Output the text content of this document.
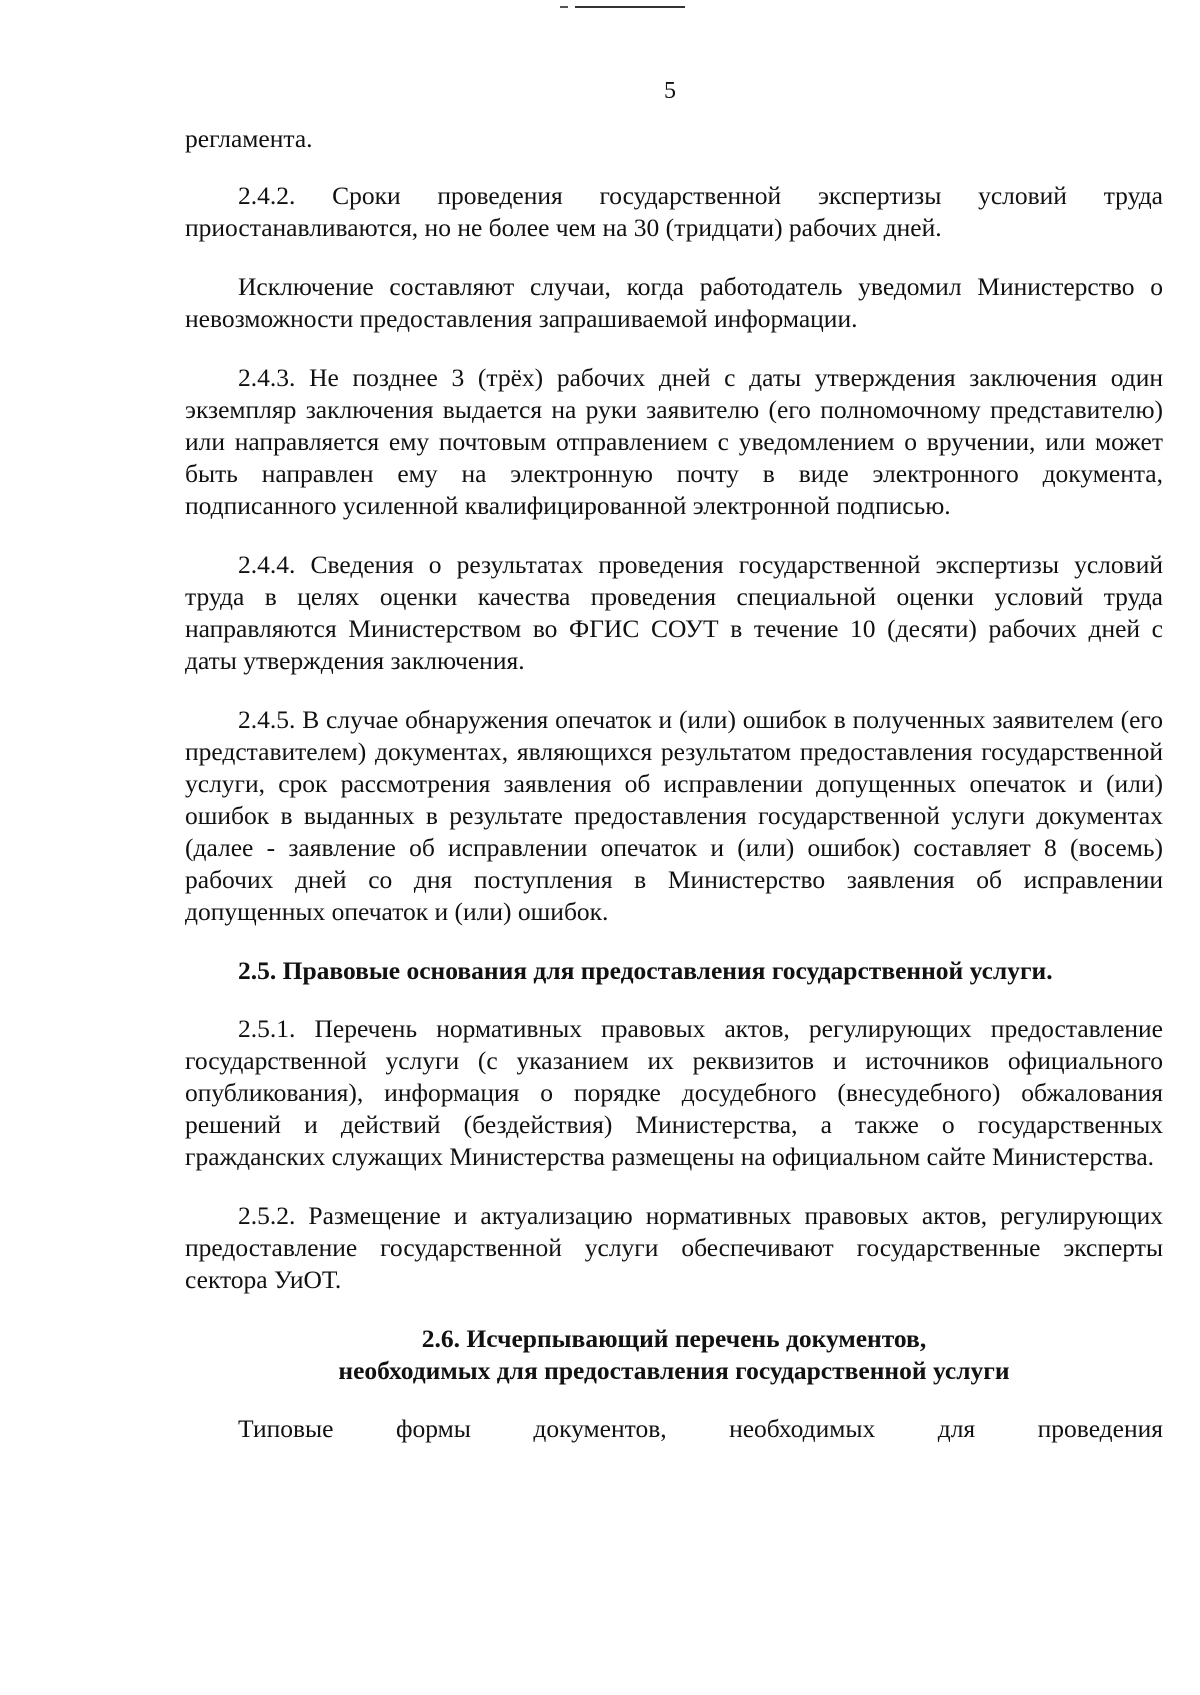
5

регламента.

2.4.2. Сроки проведения государственной экспертизы условий труда приостанавливаются, но не более чем на 30 (тридцати) рабочих дней.

Исключение составляют случаи, когда работодатель уведомил Министерство о невозможности предоставления запрашиваемой информации.

2.4.3. Не позднее 3 (трёх) рабочих дней с даты утверждения заключения один экземпляр заключения выдается на руки заявителю (его полномочному представителю) или направляется ему почтовым отправлением с уведомлением о вручении, или может быть направлен ему на электронную почту в виде электронного документа, подписанного усиленной квалифицированной электронной подписью.

2.4.4. Сведения о результатах проведения государственной экспертизы условий труда в целях оценки качества проведения специальной оценки условий труда направляются Министерством во ФГИС СОУТ в течение 10 (десяти) рабочих дней с даты утверждения заключения.

2.4.5. В случае обнаружения опечаток и (или) ошибок в полученных заявителем (его представителем) документах, являющихся результатом предоставления государственной услуги, срок рассмотрения заявления об исправлении допущенных опечаток и (или) ошибок в выданных в результате предоставления государственной услуги документах (далее - заявление об исправлении опечаток и (или) ошибок) составляет 8 (восемь) рабочих дней со дня поступления в Министерство заявления об исправлении допущенных опечаток и (или) ошибок.

2.5. Правовые основания для предоставления государственной услуги.

2.5.1. Перечень нормативных правовых актов, регулирующих предоставление государственной услуги (с указанием их реквизитов и источников официального опубликования), информация о порядке досудебного (внесудебного) обжалования решений и действий (бездействия) Министерства, а также о государственных гражданских служащих Министерства размещены на официальном сайте Министерства.

2.5.2. Размещение и актуализацию нормативных правовых актов, регулирующих предоставление государственной услуги обеспечивают государственные эксперты сектора УиОТ.

2.6. Исчерпывающий перечень документов,
необходимых для предоставления государственной услуги

Типовые формы документов, необходимых для проведения
